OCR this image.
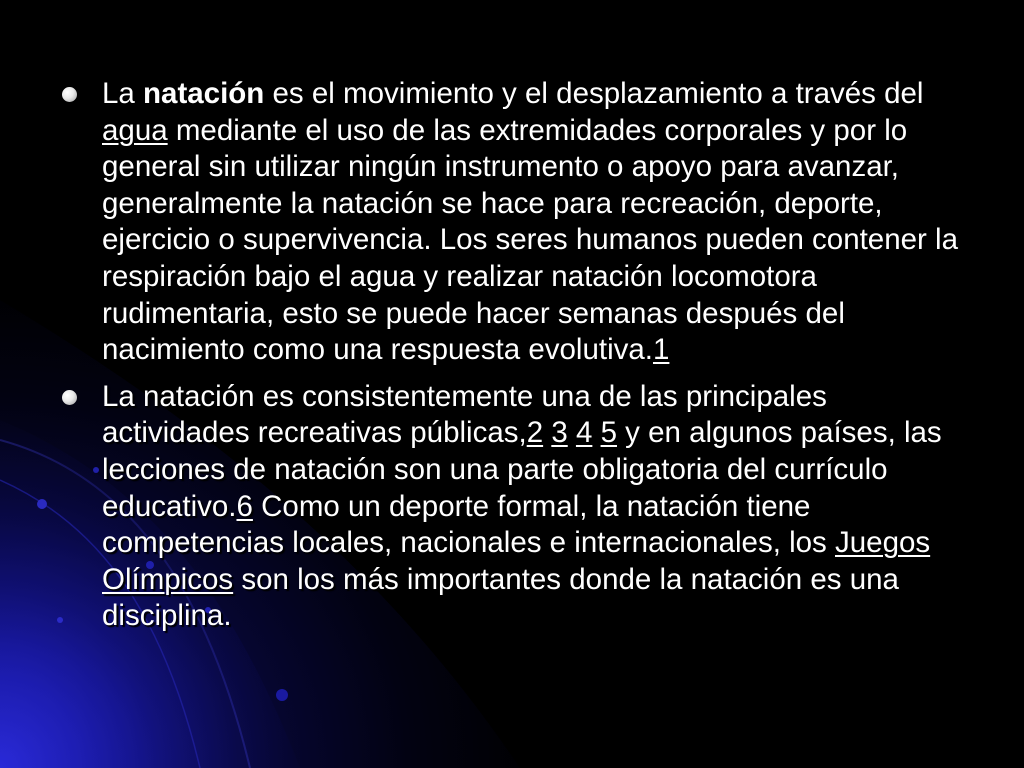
La natación es el movimiento y el desplazamiento a través del agua mediante el uso de las extremidades corporales y por lo general sin utilizar ningún instrumento o apoyo para avanzar, generalmente la natación se hace para recreación, deporte, ejercicio o supervivencia. Los seres humanos pueden contener la respiración bajo el agua y realizar natación locomotora rudimentaria, esto se puede hacer semanas después del nacimiento como una respuesta evolutiva.1
La natación es consistentemente una de las principales actividades recreativas públicas,2 3 4 5 y en algunos países, las lecciones de natación son una parte obligatoria del currículo educativo.6 Como un deporte formal, la natación tiene competencias locales, nacionales e internacionales, los Juegos Olímpicos son los más importantes donde la natación es una disciplina.
